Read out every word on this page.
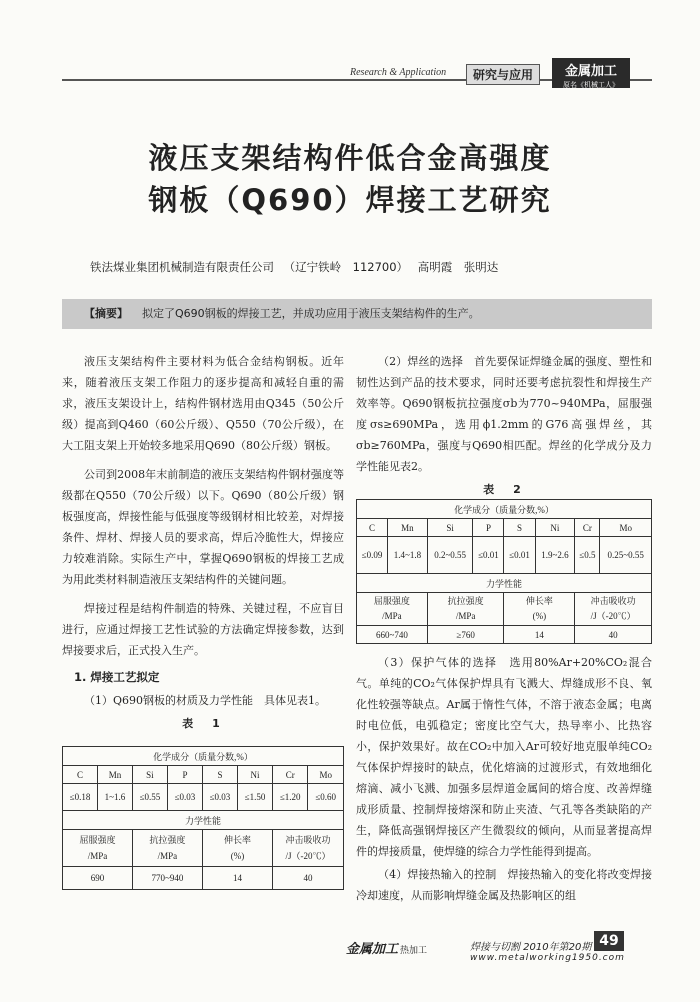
Research & Application	研究与应用	金属加工
原名《机械工人》
液压支架结构件低合金高强度
钢板（Q690）焊接工艺研究
铁法煤业集团机械制造有限责任公司 （辽宁铁岭　112700） 高明霞　张明达
【摘要】 拟定了Q690钢板的焊接工艺，并成功应用于液压支架结构件的生产。

液压支架结构件主要材料为低合金结构钢板。近年来，随着液压支架工作阻力的逐步提高和减轻自重的需求，液压支架设计上，结构件钢材选用由Q345（50公斤级）提高到Q460（60公斤级）、Q550（70公斤级），在大工阻支架上开始较多地采用Q690（80公斤级）钢板。

公司到2008年末前制造的液压支架结构件钢材强度等级都在Q550（70公斤级）以下。Q690（80公斤级）钢板强度高，焊接性能与低强度等级钢材相比较差，对焊接条件、焊材、焊接人员的要求高，焊后冷脆性大，焊接应力较难消除。实际生产中，掌握Q690钢板的焊接工艺成为用此类材料制造液压支架结构件的关键问题。

焊接过程是结构件制造的特殊、关键过程，不应盲目进行，应通过焊接工艺性试验的方法确定焊接参数，达到焊接要求后，正式投入生产。

1. 焊接工艺拟定

（1）Q690钢板的材质及力学性能　具体见表1。

表　1
化学成分（质量分数,%）							
C	Mn	Si	P	S	Ni	Cr	Mo
≤0.18	1~1.6	≤0.55	≤0.03	≤0.03	≤1.50	≤1.20	≤0.60
力学性能							
屈服强度
/MPa		抗拉强度
/MPa		伸长率
(%)		冲击吸收功
/J（-20℃）	
690		770~940		14		40	

（2）焊丝的选择　首先要保证焊缝金属的强度、塑性和韧性达到产品的技术要求，同时还要考虑抗裂性和焊接生产效率等。Q690钢板抗拉强度σb为770~940MPa，屈服强度σs≥690MPa，选用ϕ1.2mm的G76高强焊丝，其σb≥760MPa，强度与Q690相匹配。焊丝的化学成分及力学性能见表2。

表　2
化学成分（质量分数,%）							
C	Mn	Si	P	S	Ni	Cr	Mo
≤0.09	1.4~1.8	0.2~0.55	≤0.01	≤0.01	1.9~2.6	≤0.5	0.25~0.55
力学性能							
屈服强度
/MPa		抗拉强度
/MPa		伸长率
(%)		冲击吸收功
/J（-20℃）	
660~740		≥760		14		40	

（3）保护气体的选择　选用80%Ar+20%CO₂混合气。单纯的CO₂气体保护焊具有飞溅大、焊缝成形不良、氧化性较强等缺点。Ar属于惰性气体，不溶于液态金属；电离时电位低，电弧稳定；密度比空气大，热导率小、比热容小，保护效果好。故在CO₂中加入Ar可较好地克服单纯CO₂气体保护焊接时的缺点，优化熔滴的过渡形式，有效地细化熔滴、减小飞溅、加强多层焊道金属间的熔合度、改善焊缝成形质量、控制焊接熔深和防止夹渣、气孔等各类缺陷的产生，降低高强钢焊接区产生微裂纹的倾向，从而显著提高焊件的焊接质量，使焊缝的综合力学性能得到提高。

（4）焊接热输入的控制　焊接热输入的变化将改变焊接冷却速度，从而影响焊缝金属及热影响区的组

金属加工 热加工	焊接与切割 2010年第20期
www.metalworking1950.com
49
